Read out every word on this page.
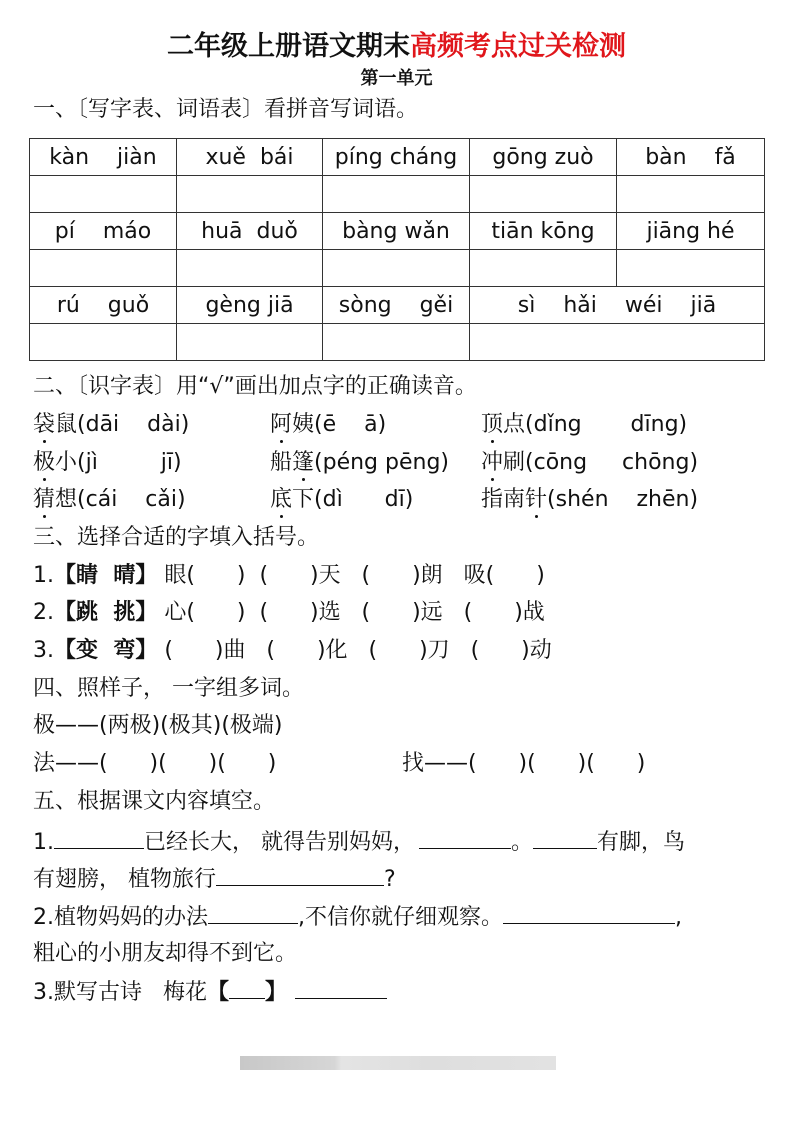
二年级上册语文期末高频考点过关检测
第一单元
一、〔写字表、词语表〕看拼音写词语。
kàn    jiàn	xuě  bái	píng cháng	gōng zuò	bàn    fǎ

pí    máo	huā  duǒ	bàng wǎn	tiān kōng	jiāng hé

rú    guǒ	gèng jiā	sòng    gěi	sì    hǎi    wéi    jiā	

二、〔识字表〕用“√”画出加点字的正确读音。
袋鼠(dāi    dài)	阿姨(ē    ā)	顶点(dǐng       dīng)
极小(jì         jī)	船篷(péng pēng) 冲刷(cōng     chōng)
猜想(cái    cǎi)	底下(dì      dī)	指南针(shén    zhēn)
三、选择合适的字填入括号。
1.【睛  晴】 眼(      )  (      )天   (      )朗   吸(      )
2.【跳  挑】 心(      )  (      )选   (      )远   (      )战
3.【变  弯】 (      )曲   (      )化   (      )刀   (      )动
四、照样子， 一字组多词。
极——(两极)(极其)(极端)
法——(      )(      )(      )	找——(      )(      )(      )
五、根据课文内容填空。
1.	已经长大， 就得告别妈妈，	。	有脚，鸟
有翅膀， 植物旅行	?
2.植物妈妈的办法	,不信你就仔细观察。	,
粗心的小朋友却得不到它。
3.默写古诗   梅花【 】
